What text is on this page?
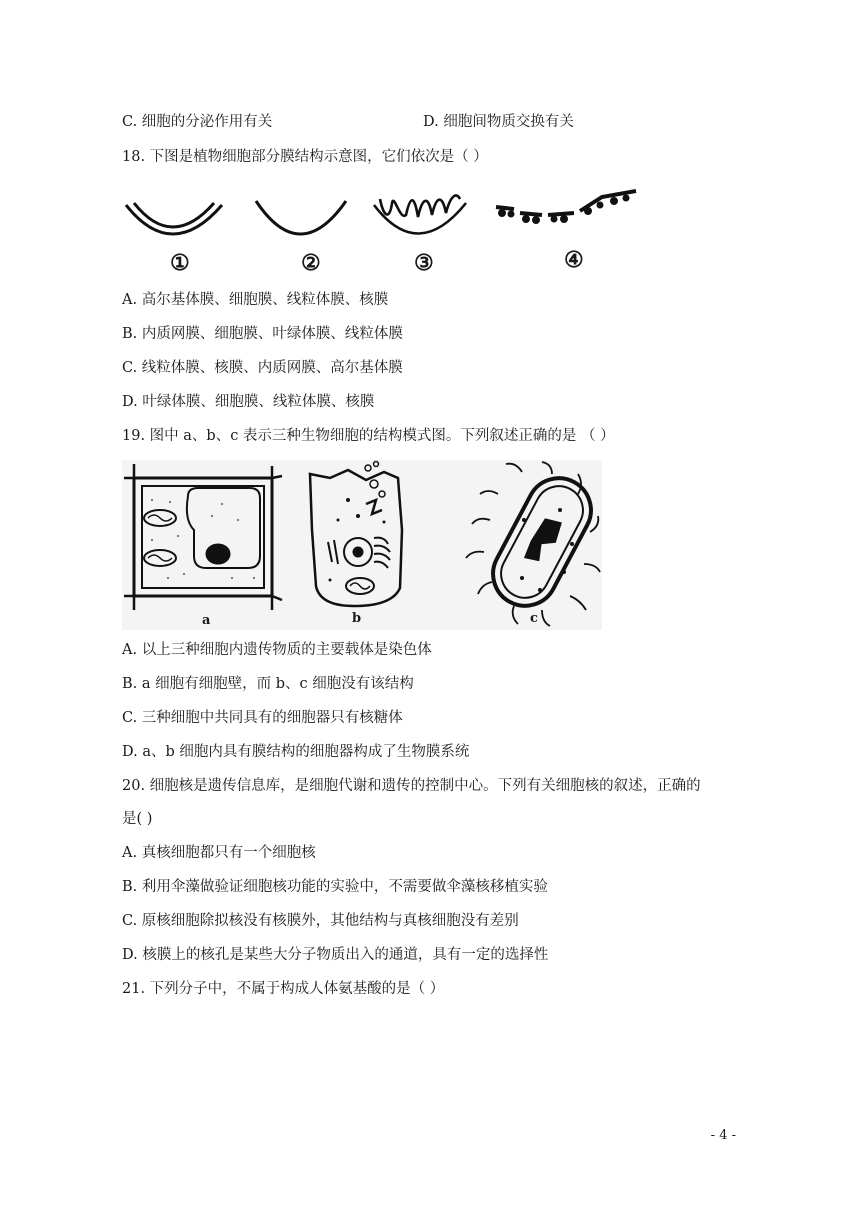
C. 细胞的分泌作用有关	D. 细胞间物质交换有关
18. 下图是植物细胞部分膜结构示意图，它们依次是（ ）
①	②	③	④
A. 高尔基体膜、细胞膜、线粒体膜、核膜
B. 内质网膜、细胞膜、叶绿体膜、线粒体膜
C. 线粒体膜、核膜、内质网膜、高尔基体膜
D. 叶绿体膜、细胞膜、线粒体膜、核膜
19. 图中 a、b、c 表示三种生物细胞的结构模式图。下列叙述正确的是 （ ）
a	b	c
A. 以上三种细胞内遗传物质的主要载体是染色体
B. a 细胞有细胞壁，而 b、c 细胞没有该结构
C. 三种细胞中共同具有的细胞器只有核糖体
D. a、b 细胞内具有膜结构的细胞器构成了生物膜系统
20. 细胞核是遗传信息库，是细胞代谢和遗传的控制中心。下列有关细胞核的叙述，正确的
是( )
A. 真核细胞都只有一个细胞核
B. 利用伞藻做验证细胞核功能的实验中，不需要做伞藻核移植实验
C. 原核细胞除拟核没有核膜外，其他结构与真核细胞没有差别
D. 核膜上的核孔是某些大分子物质出入的通道，具有一定的选择性
21. 下列分子中，不属于构成人体氨基酸的是（ ）
- 4 -
